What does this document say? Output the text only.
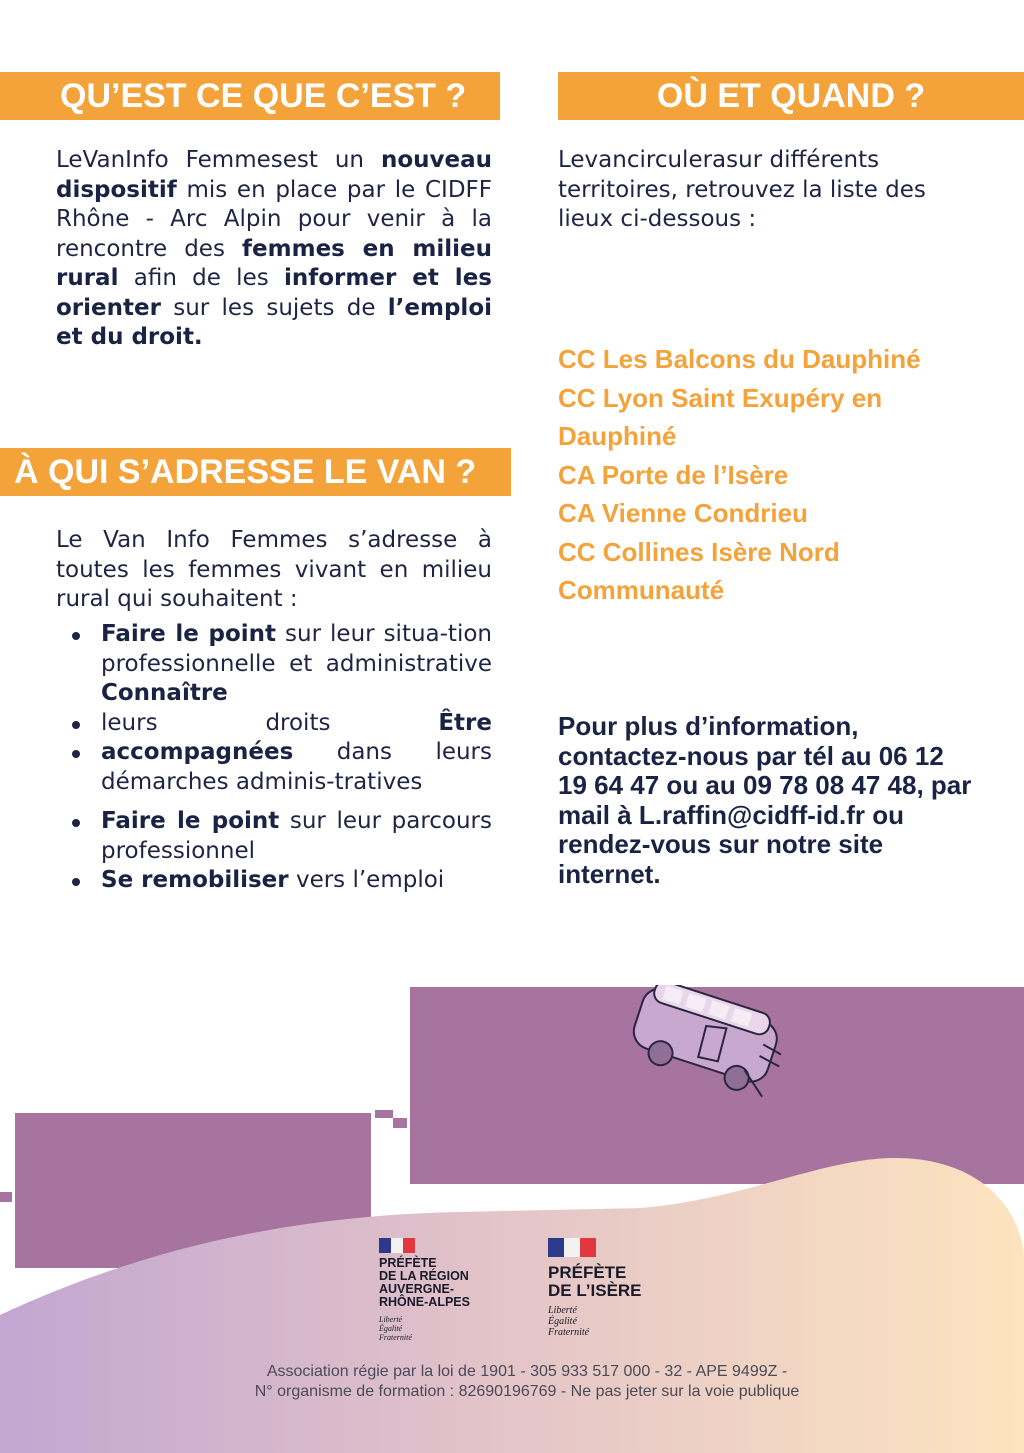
QU’EST CE QUE C’EST ?	OÙ ET QUAND ?
À QUI S’ADRESSE LE VAN ?

LeVanInfo Femmesest un nouveau dispositif mis en place par le CIDFF Rhône - Arc Alpin pour venir à la rencontre des femmes en milieu rural afin de les informer et les orienter sur les sujets de l’emploi et du droit.

Levancirculerasur différents territoires, retrouvez la liste des lieux ci-dessous :

CC Les Balcons du Dauphiné
CC Lyon Saint Exupéry en Dauphiné
CA Porte de l’Isère
CA Vienne Condrieu
CC Collines Isère Nord Communauté

Le Van Info Femmes s’adresse à toutes les femmes vivant en milieu rural qui souhaitent :

Faire le point sur leur situa-tion professionnelle et administrative Connaître
leurs droits Être
accompagnées dans leurs démarches adminis-tratives
Faire le point sur leur parcours professionnel
Se remobiliser vers l’emploi

Pour plus d’information, contactez-nous par tél au 06 12 19 64 47 ou au 09 78 08 47 48, par mail à L.raffin@cidff-id.fr ou rendez-vous sur notre site internet.

PRÉFÈTE
DE LA RÉGION
AUVERGNE-
RHÔNE-ALPES
Liberté
Égalité
Fraternité
PRÉFÈTE
DE L’ISÈRE
Liberté
Égalité
Fraternité
Association régie par la loi de 1901 - 305 933 517 000 - 32 - APE 9499Z -
N° organisme de formation : 82690196769 - Ne pas jeter sur la voie publique
